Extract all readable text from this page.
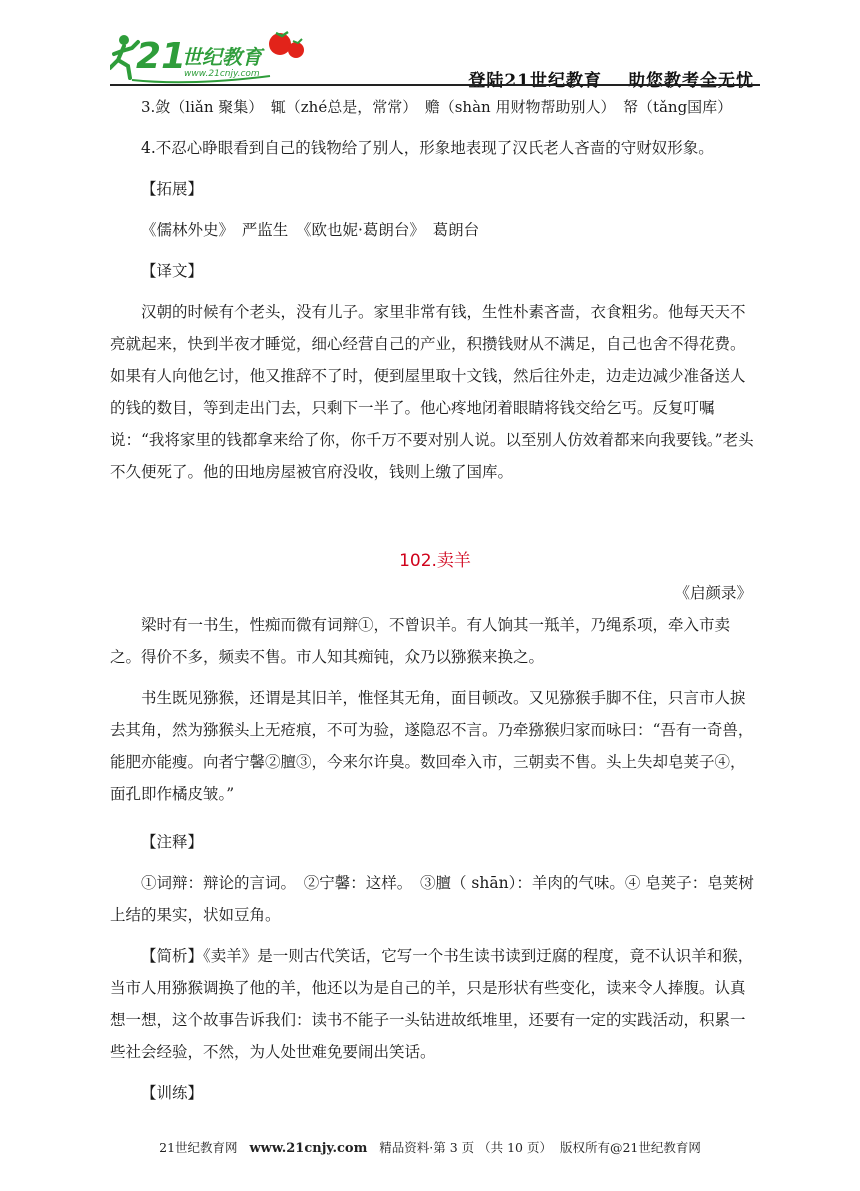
21
世纪教育
www.21cnjy.com	登陆21世纪教育 助您教考全无忧

3.敛（liǎn 聚集）　辄（zhé总是，常常）　赡（shàn 用财物帮助别人）　帑（tǎng国库）

4.不忍心睁眼看到自己的钱物给了别人，形象地表现了汉氏老人吝啬的守财奴形象。

【拓展】

《儒林外史》　严监生　《欧也妮·葛朗台》　葛朗台

【译文】

汉朝的时候有个老头，没有儿子。家里非常有钱，生性朴素吝啬，衣食粗劣。他每天天不亮就起来，快到半夜才睡觉，细心经营自己的产业，积攒钱财从不满足，自己也舍不得花费。如果有人向他乞讨，他又推辞不了时，便到屋里取十文钱，然后往外走，边走边减少准备送人的钱的数目，等到走出门去，只剩下一半了。他心疼地闭着眼睛将钱交给乞丐。反复叮嘱说：“我将家里的钱都拿来给了你，你千万不要对别人说。以至别人仿效着都来向我要钱。”老头不久便死了。他的田地房屋被官府没收，钱则上缴了国库。

102.卖羊

《启颜录》

梁时有一书生，性痴而微有词辩①，不曾识羊。有人饷其一羝羊，乃绳系项，牵入市卖之。得价不多，频卖不售。市人知其痴钝，众乃以猕猴来换之。

书生既见猕猴，还谓是其旧羊，惟怪其无角，面目顿改。又见猕猴手脚不住，只言市人捩去其角，然为猕猴头上无疮痕，不可为验，遂隐忍不言。乃牵猕猴归家而咏曰：“吾有一奇兽，能肥亦能瘦。向者宁馨②膻③，今来尔许臭。数回牵入市，三朝卖不售。头上失却皂荚子④，面孔即作橘皮皱。”

【注释】

①词辩：辩论的言词。　②宁馨：这样。　③膻（ shān）：羊肉的气味。④ 皂荚子：皂荚树上结的果实，状如豆角。

【简析】《卖羊》是一则古代笑话，它写一个书生读书读到迂腐的程度，竟不认识羊和猴，当市人用猕猴调换了他的羊，他还以为是自己的羊，只是形状有些变化，读来令人捧腹。认真想一想，这个故事告诉我们：读书不能子一头钻进故纸堆里，还要有一定的实践活动，积累一些社会经验，不然，为人处世难免要闹出笑话。

【训练】

21世纪教育网 www.21cnjy.com 精品资料·第 3 页 （共 10 页） 版权所有@21世纪教育网
